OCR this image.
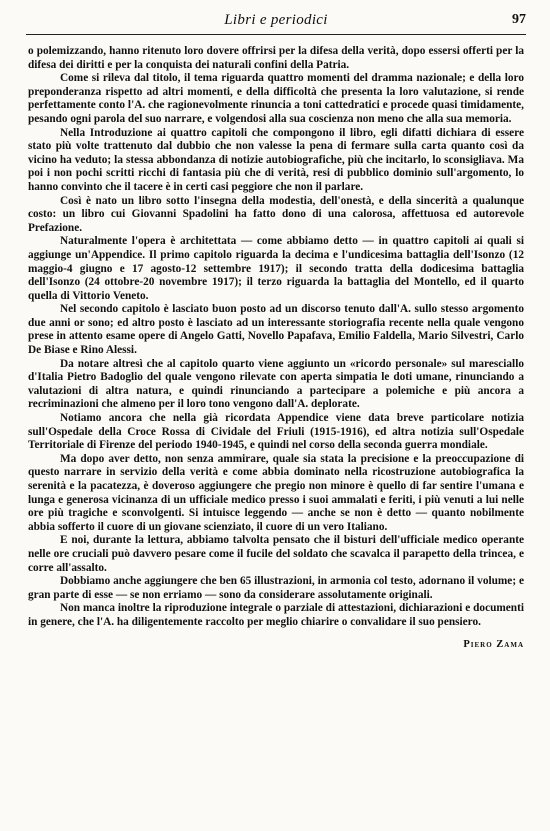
Libri e periodici	97

o polemizzando, hanno ritenuto loro dovere offrirsi per la difesa della verità, dopo essersi offerti per la difesa dei diritti e per la conquista dei naturali confini della Patria.

Come si rileva dal titolo, il tema riguarda quattro momenti del dramma nazionale; e della loro preponderanza rispetto ad altri momenti, e della difficoltà che presenta la loro valutazione, si rende perfettamente conto l'A. che ragionevolmente rinuncia a toni cattedratici e procede quasi timidamente, pesando ogni parola del suo narrare, e volgendosi alla sua coscienza non meno che alla sua memoria.

Nella Introduzione ai quattro capitoli che compongono il libro, egli difatti dichiara di essere stato più volte trattenuto dal dubbio che non valesse la pena di fermare sulla carta quanto così da vicino ha veduto; la stessa abbondanza di notizie autobiografiche, più che incitarlo, lo sconsigliava. Ma poi i non pochi scritti ricchi di fantasia più che di verità, resi di pubblico dominio sull'argomento, lo hanno convinto che il tacere è in certi casi peggiore che non il parlare.

Così è nato un libro sotto l'insegna della modestia, dell'onestà, e della sincerità a qualunque costo: un libro cui Giovanni Spadolini ha fatto dono di una calorosa, affettuosa ed autorevole Prefazione.

Naturalmente l'opera è architettata — come abbiamo detto — in quattro capitoli ai quali si aggiunge un'Appendice. Il primo capitolo riguarda la decima e l'undicesima battaglia dell'Isonzo (12 maggio-4 giugno e 17 agosto-12 settembre 1917); il secondo tratta della dodicesima battaglia dell'Isonzo (24 ottobre-20 novembre 1917); il terzo riguarda la battaglia del Montello, ed il quarto quella di Vittorio Veneto.

Nel secondo capitolo è lasciato buon posto ad un discorso tenuto dall'A. sullo stesso argomento due anni or sono; ed altro posto è lasciato ad un interessante storiografia recente nella quale vengono prese in attento esame opere di Angelo Gatti, Novello Papafava, Emilio Faldella, Mario Silvestri, Carlo De Biase e Rino Alessi.

Da notare altresì che al capitolo quarto viene aggiunto un «ricordo personale» sul maresciallo d'Italia Pietro Badoglio del quale vengono rilevate con aperta simpatia le doti umane, rinunciando a valutazioni di altra natura, e quindi rinunciando a partecipare a polemiche e più ancora a recriminazioni che almeno per il loro tono vengono dall'A. deplorate.

Notiamo ancora che nella già ricordata Appendice viene data breve particolare notizia sull'Ospedale della Croce Rossa di Cividale del Friuli (1915-1916), ed altra notizia sull'Ospedale Territoriale di Firenze del periodo 1940-1945, e quindi nel corso della seconda guerra mondiale.

Ma dopo aver detto, non senza ammirare, quale sia stata la precisione e la preoccupazione di questo narrare in servizio della verità e come abbia dominato nella ricostruzione autobiografica la serenità e la pacatezza, è doveroso aggiungere che pregio non minore è quello di far sentire l'umana e lunga e generosa vicinanza di un ufficiale medico presso i suoi ammalati e feriti, i più venuti a lui nelle ore più tragiche e sconvolgenti. Si intuisce leggendo — anche se non è detto — quanto nobilmente abbia sofferto il cuore di un giovane scienziato, il cuore di un vero Italiano.

E noi, durante la lettura, abbiamo talvolta pensato che il bisturi dell'ufficiale medico operante nelle ore cruciali può davvero pesare come il fucile del soldato che scavalca il parapetto della trincea, e corre all'assalto.

Dobbiamo anche aggiungere che ben 65 illustrazioni, in armonia col testo, adornano il volume; e gran parte di esse — se non erriamo — sono da considerare assolutamente originali.

Non manca inoltre la riproduzione integrale o parziale di attestazioni, dichiarazioni e documenti in genere, che l'A. ha diligentemente raccolto per meglio chiarire o convalidare il suo pensiero.

Piero Zama
